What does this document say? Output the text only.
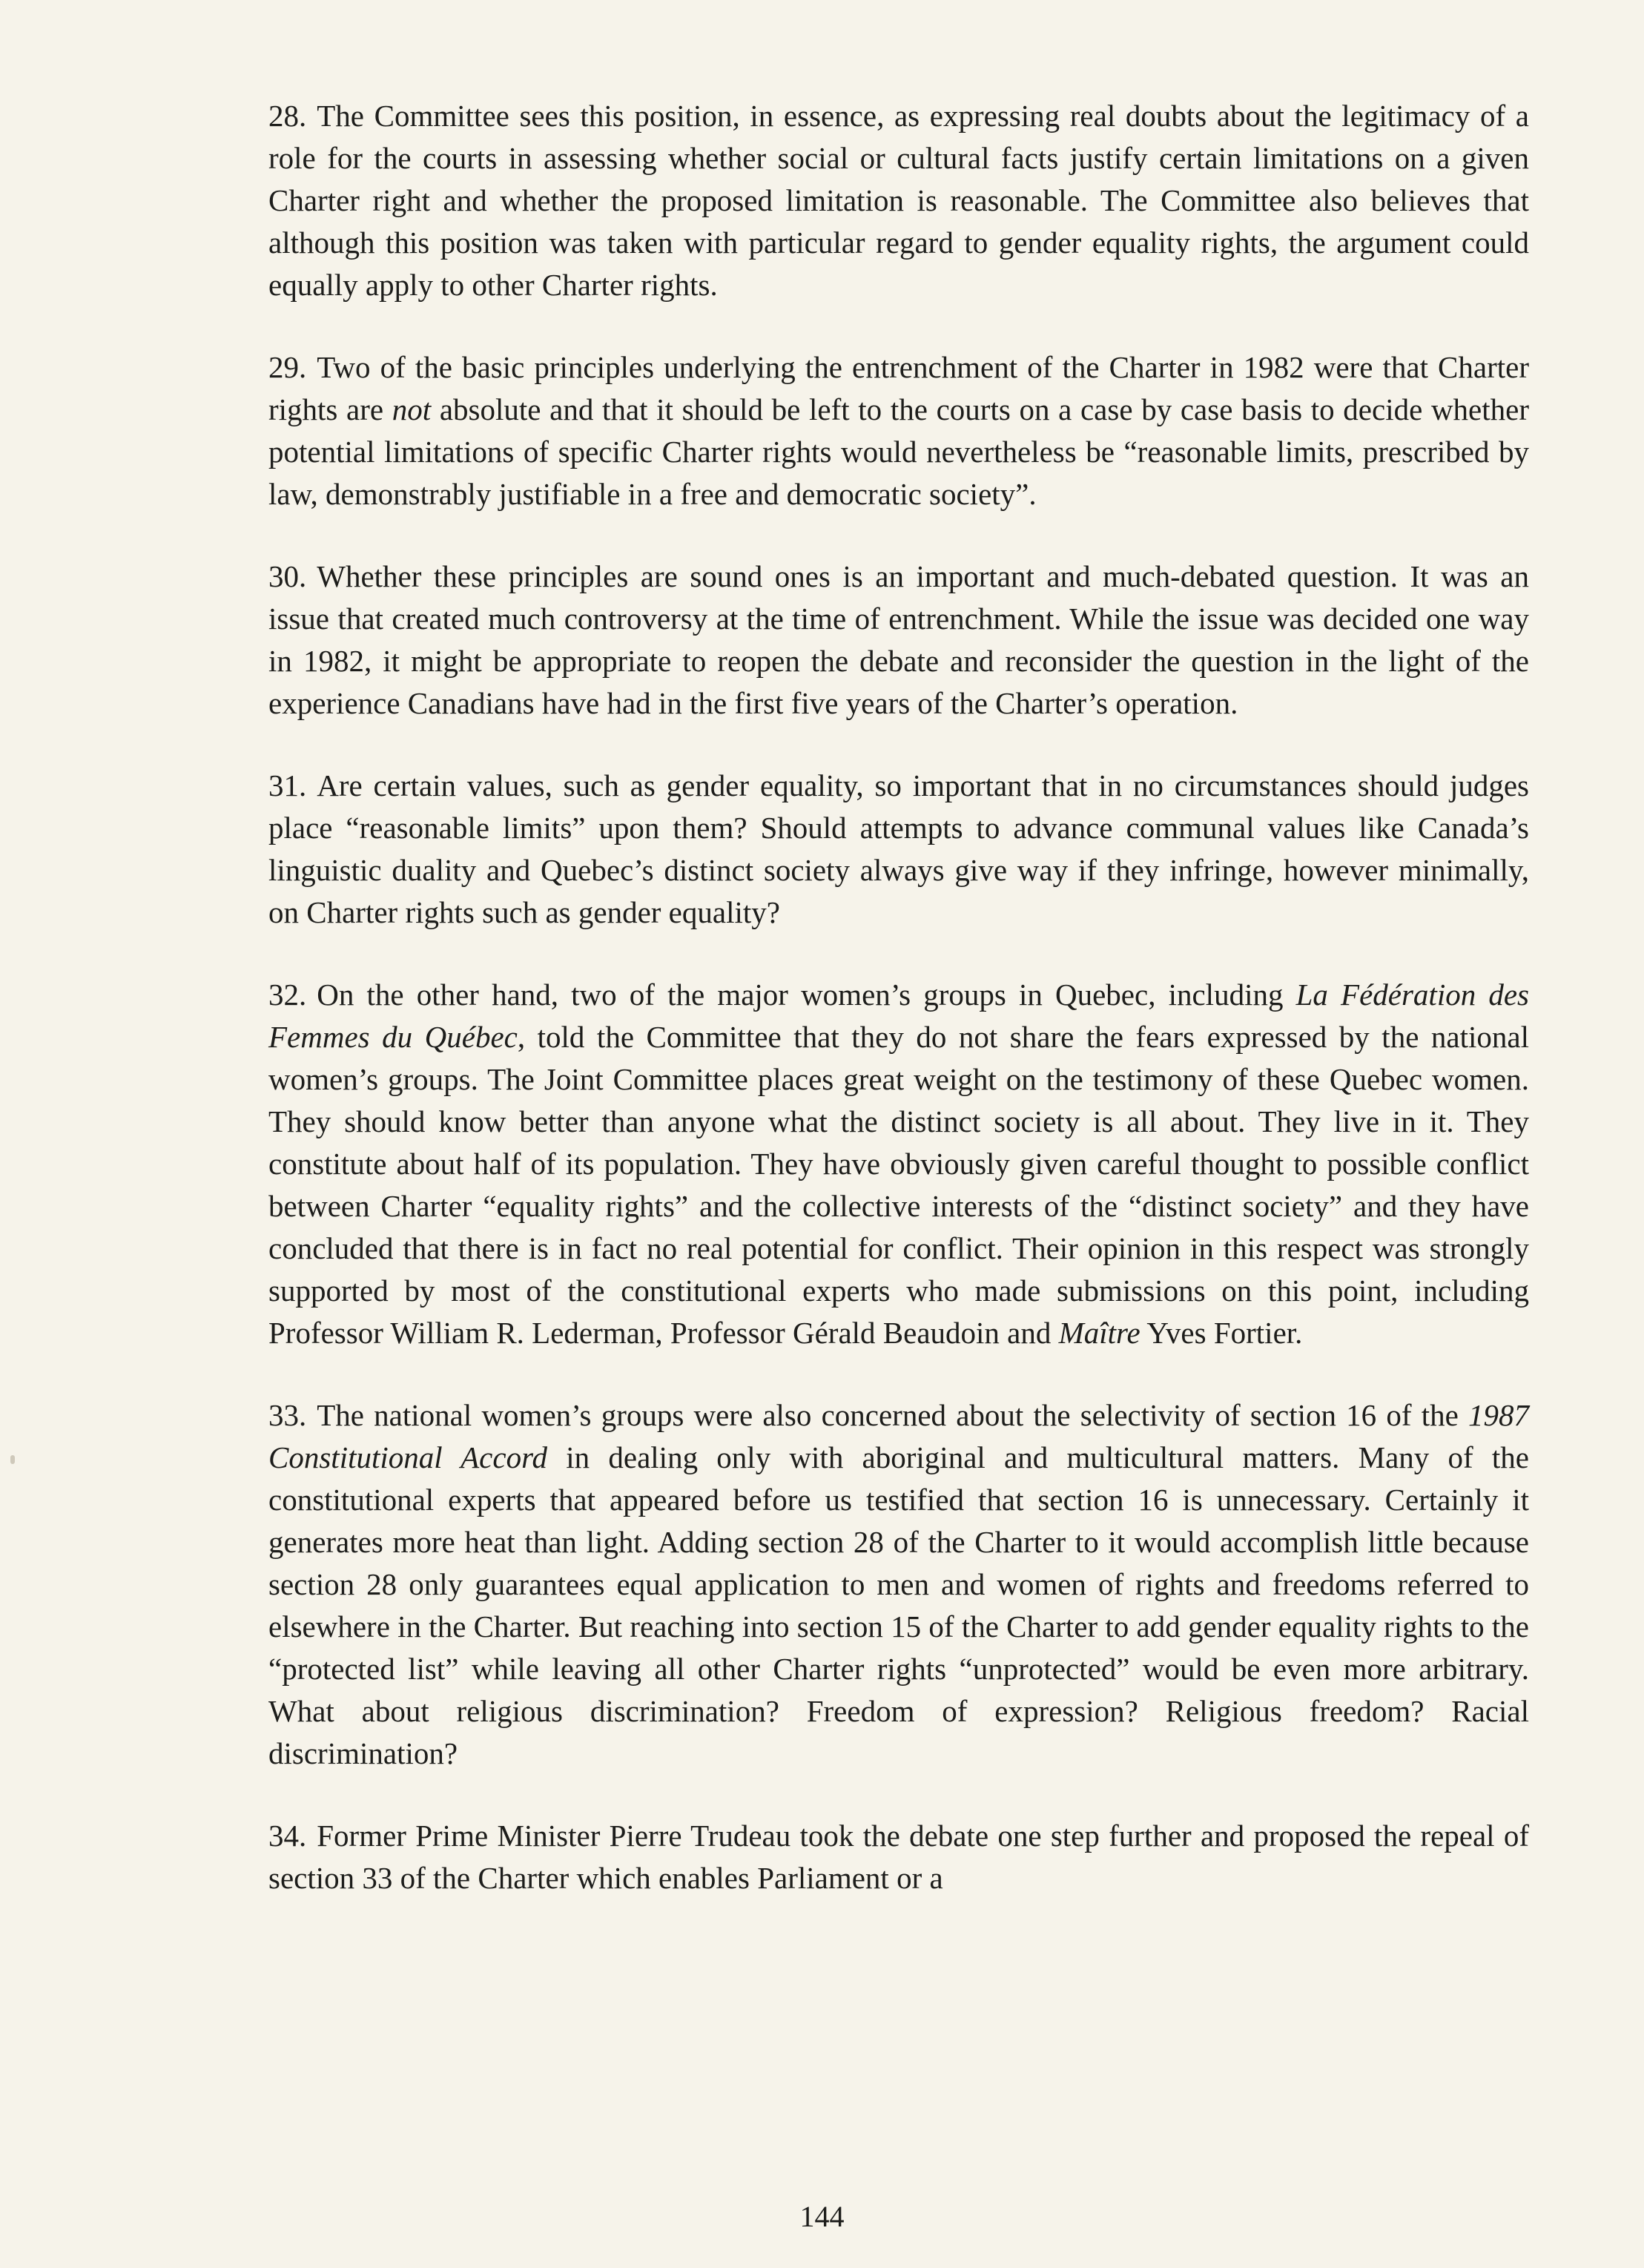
28. The Committee sees this position, in essence, as expressing real doubts about the legitimacy of a role for the courts in assessing whether social or cultural facts justify certain limitations on a given Charter right and whether the proposed limitation is reasonable. The Committee also believes that although this position was taken with particular regard to gender equality rights, the argument could equally apply to other Charter rights.

29. Two of the basic principles underlying the entrenchment of the Charter in 1982 were that Charter rights are not absolute and that it should be left to the courts on a case by case basis to decide whether potential limitations of specific Charter rights would nevertheless be “reasonable limits, prescribed by law, demonstrably justifiable in a free and democratic society”.

30. Whether these principles are sound ones is an important and much-debated question. It was an issue that created much controversy at the time of entrenchment. While the issue was decided one way in 1982, it might be appropriate to reopen the debate and reconsider the question in the light of the experience Canadians have had in the first five years of the Charter’s operation.

31. Are certain values, such as gender equality, so important that in no circumstances should judges place “reasonable limits” upon them? Should attempts to advance communal values like Canada’s linguistic duality and Quebec’s distinct society always give way if they infringe, however minimally, on Charter rights such as gender equality?

32. On the other hand, two of the major women’s groups in Quebec, including La Fédération des Femmes du Québec, told the Committee that they do not share the fears expressed by the national women’s groups. The Joint Committee places great weight on the testimony of these Quebec women. They should know better than anyone what the distinct society is all about. They live in it. They constitute about half of its population. They have obviously given careful thought to possible conflict between Charter “equality rights” and the collective interests of the “distinct society” and they have concluded that there is in fact no real potential for conflict. Their opinion in this respect was strongly supported by most of the constitutional experts who made submissions on this point, including Professor William R. Lederman, Professor Gérald Beaudoin and Maître Yves Fortier.

33. The national women’s groups were also concerned about the selectivity of section 16 of the 1987 Constitutional Accord in dealing only with aboriginal and multicultural matters. Many of the constitutional experts that appeared before us testified that section 16 is unnecessary. Certainly it generates more heat than light. Adding section 28 of the Charter to it would accomplish little because section 28 only guarantees equal application to men and women of rights and freedoms referred to elsewhere in the Charter. But reaching into section 15 of the Charter to add gender equality rights to the “protected list” while leaving all other Charter rights “unprotected” would be even more arbitrary. What about religious discrimination? Freedom of expression? Religious freedom? Racial discrimination?

34. Former Prime Minister Pierre Trudeau took the debate one step further and proposed the repeal of section 33 of the Charter which enables Parliament or a

144
